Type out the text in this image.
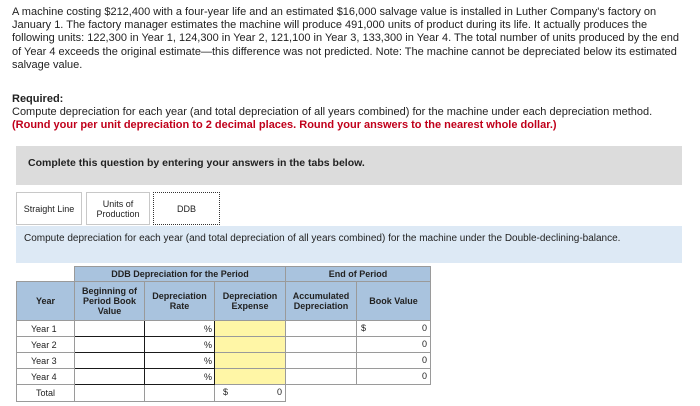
A machine costing $212,400 with a four-year life and an estimated $16,000 salvage value is installed in Luther Company's factory on January 1. The factory manager estimates the machine will produce 491,000 units of product during its life. It actually produces the following units: 122,300 in Year 1, 124,300 in Year 2, 121,100 in Year 3, 133,300 in Year 4. The total number of units produced by the end of Year 4 exceeds the original estimate—this difference was not predicted. Note: The machine cannot be depreciated below its estimated salvage value.
Required:
Compute depreciation for each year (and total depreciation of all years combined) for the machine under each depreciation method.
(Round your per unit depreciation to 2 decimal places. Round your answers to the nearest whole dollar.)
Complete this question by entering your answers in the tabs below.
Straight Line	Units of Production	DDB
Compute depreciation for each year (and total depreciation of all years combined) for the machine under the Double-declining-balance.
	DDB Depreciation for the Period			End of Period	
Year	Beginning of Period Book Value	Depreciation Rate	Depreciation Expense	Accumulated Depreciation	Book Value
Year 1		%			$ 0

Year 2		%			0

Year 3		%			0

Year 4		%			0

Total			$ 0		
